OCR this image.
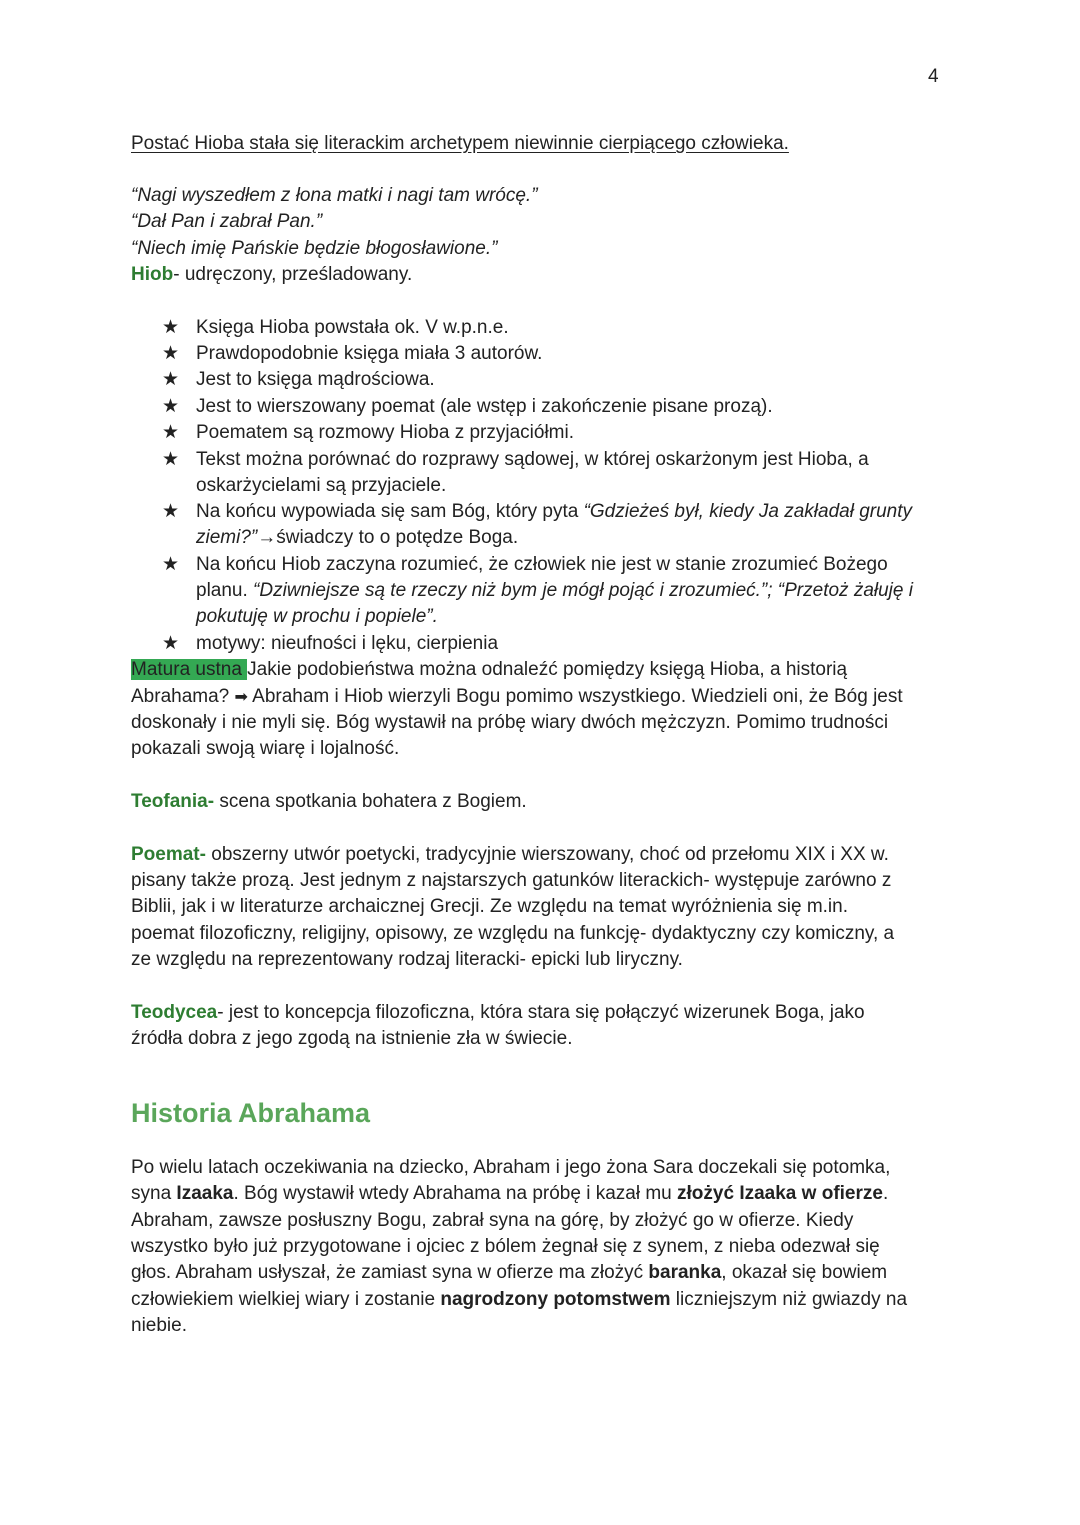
4
Postać Hioba stała się literackim archetypem niewinnie cierpiącego człowieka.
“Nagi wyszedłem z łona matki i nagi tam wrócę.”
“Dał Pan i zabrał Pan.”
“Niech imię Pańskie będzie błogosławione.”
Hiob- udręczony, prześladowany.
★ Księga Hioba powstała ok. V w.p.n.e.
★ Prawdopodobnie księga miała 3 autorów.
★ Jest to księga mądrościowa.
★ Jest to wierszowany poemat (ale wstęp i zakończenie pisane prozą).
★ Poematem są rozmowy Hioba z przyjaciółmi.
★ Tekst można porównać do rozprawy sądowej, w której oskarżonym jest Hioba, a
oskarżycielami są przyjaciele.
★ Na końcu wypowiada się sam Bóg, który pyta “Gdzieżeś był, kiedy Ja zakładał grunty
ziemi?”→świadczy to o potędze Boga.
★ Na końcu Hiob zaczyna rozumieć, że człowiek nie jest w stanie zrozumieć Bożego
planu. “Dziwniejsze są te rzeczy niż bym je mógł pojąć i zrozumieć.”; “Przetoż żałuję i
pokutuję w prochu i popiele”.
★ motywy: nieufności i lęku, cierpienia
Matura ustna Jakie podobieństwa można odnaleźć pomiędzy księgą Hioba, a historią
Abrahama? ➡ Abraham i Hiob wierzyli Bogu pomimo wszystkiego. Wiedzieli oni, że Bóg jest
doskonały i nie myli się. Bóg wystawił na próbę wiary dwóch mężczyzn. Pomimo trudności
pokazali swoją wiarę i lojalność.
Teofania- scena spotkania bohatera z Bogiem.
Poemat- obszerny utwór poetycki, tradycyjnie wierszowany, choć od przełomu XIX i XX w.
pisany także prozą. Jest jednym z najstarszych gatunków literackich- występuje zarówno z
Biblii, jak i w literaturze archaicznej Grecji. Ze względu na temat wyróżnienia się m.in.
poemat filozoficzny, religijny, opisowy, ze względu na funkcję- dydaktyczny czy komiczny, a
ze względu na reprezentowany rodzaj literacki- epicki lub liryczny.
Teodycea- jest to koncepcja filozoficzna, która stara się połączyć wizerunek Boga, jako
źródła dobra z jego zgodą na istnienie zła w świecie.
Historia Abrahama
Po wielu latach oczekiwania na dziecko, Abraham i jego żona Sara doczekali się potomka,
syna Izaaka. Bóg wystawił wtedy Abrahama na próbę i kazał mu złożyć Izaaka w ofierze.
Abraham, zawsze posłuszny Bogu, zabrał syna na górę, by złożyć go w ofierze. Kiedy
wszystko było już przygotowane i ojciec z bólem żegnał się z synem, z nieba odezwał się
głos. Abraham usłyszał, że zamiast syna w ofierze ma złożyć baranka, okazał się bowiem
człowiekiem wielkiej wiary i zostanie nagrodzony potomstwem liczniejszym niż gwiazdy na
niebie.
